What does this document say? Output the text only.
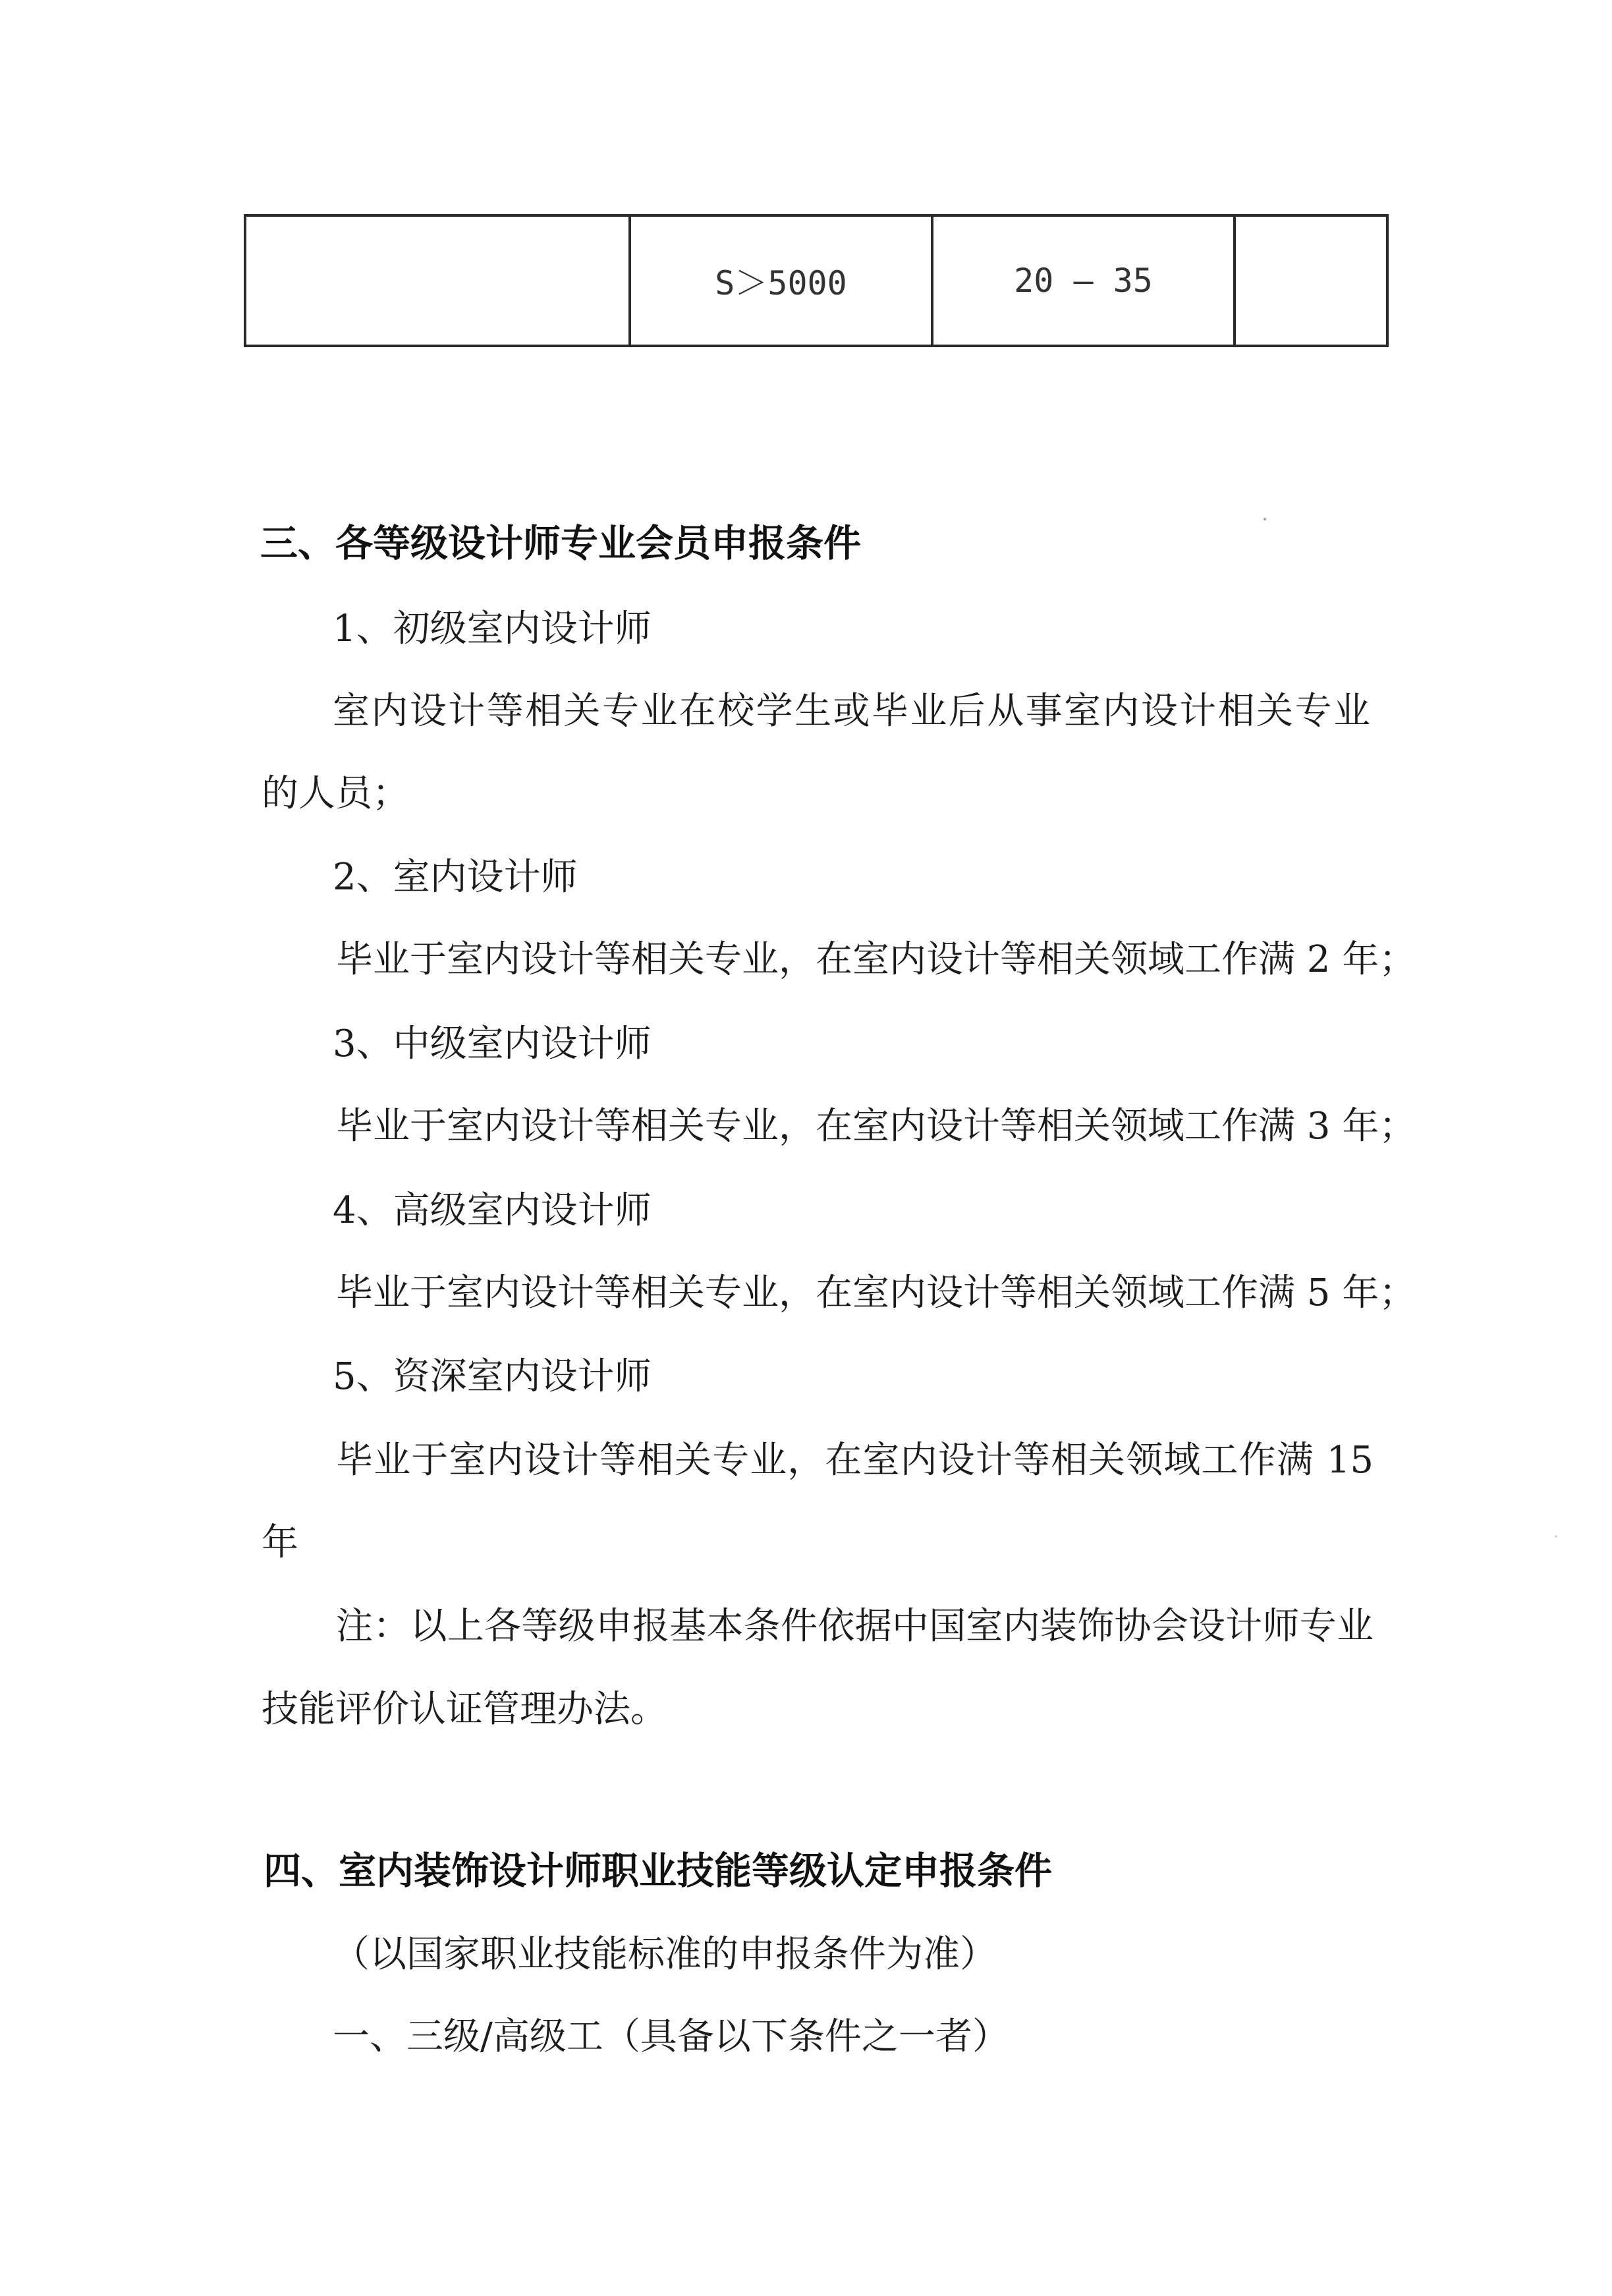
	S＞5000	20 — 35	
三、各等级设计师专业会员申报条件
1、初级室内设计师
室内设计等相关专业在校学生或毕业后从事室内设计相关专业
的人员；
2、室内设计师
毕业于室内设计等相关专业，在室内设计等相关领域工作满 2 年；
3、中级室内设计师
毕业于室内设计等相关专业，在室内设计等相关领域工作满 3 年；
4、高级室内设计师
毕业于室内设计等相关专业，在室内设计等相关领域工作满 5 年；
5、资深室内设计师
毕业于室内设计等相关专业，在室内设计等相关领域工作满 15
年
注：以上各等级申报基本条件依据中国室内装饰协会设计师专业
技能评价认证管理办法。
四、室内装饰设计师职业技能等级认定申报条件
（以国家职业技能标准的申报条件为准）
一、三级/高级工（具备以下条件之一者）
